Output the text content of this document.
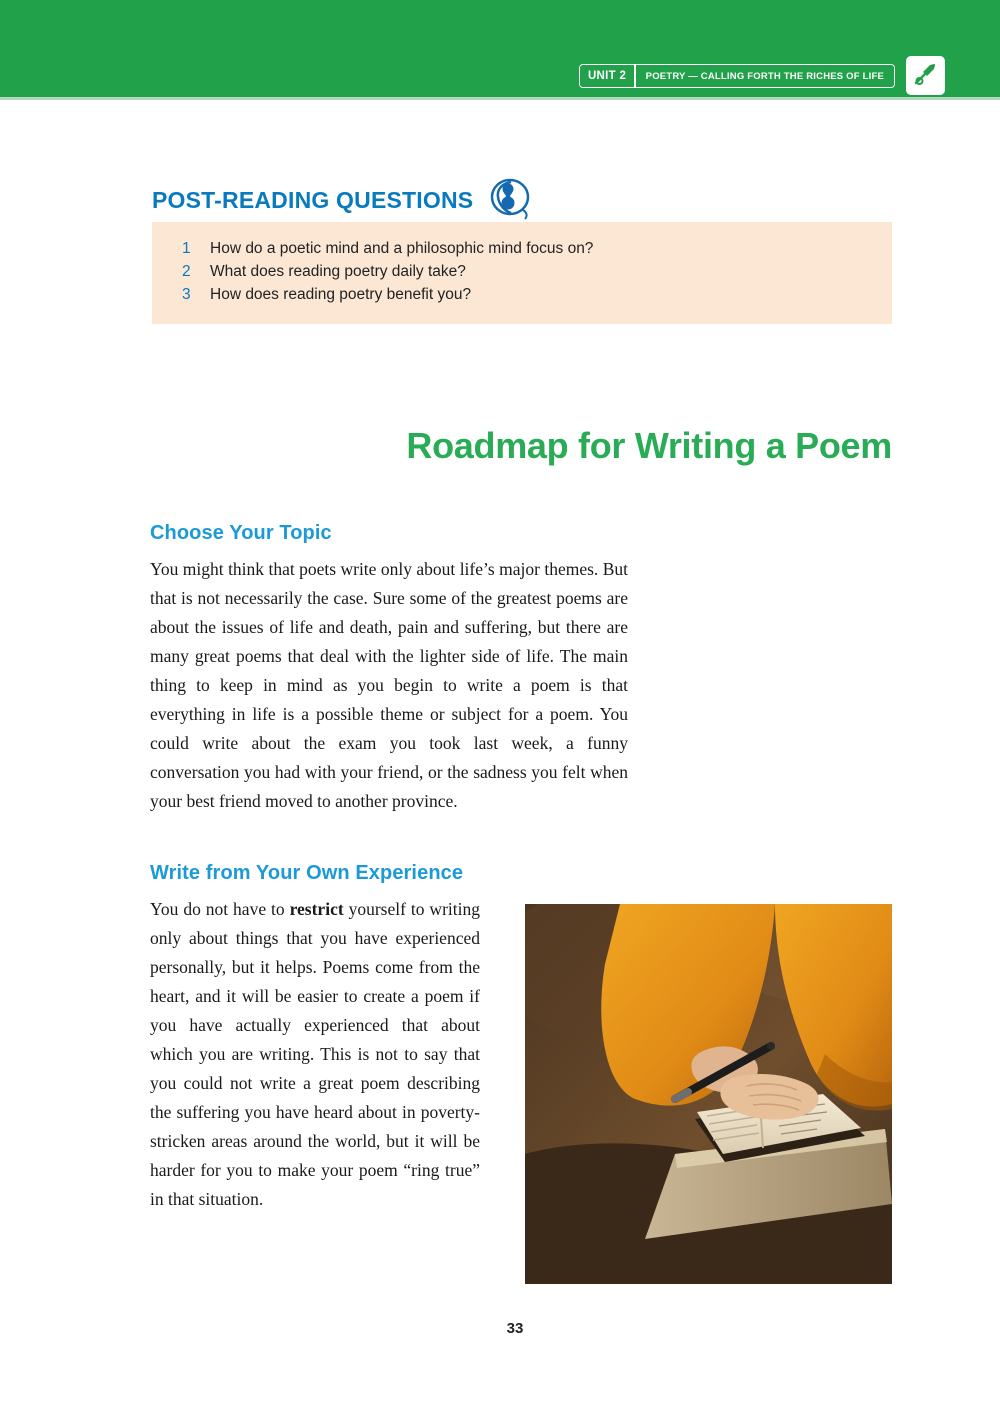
UNIT 2	POETRY — CALLING FORTH THE RICHES OF LIFE
POST-READING QUESTIONS
1	How do a poetic mind and a philosophic mind focus on?
2	What does reading poetry daily take?
3	How does reading poetry benefit you?
Roadmap for Writing a Poem
Choose Your Topic
You might think that poets write only about life’s major themes. But that is not necessarily the case. Sure some of the greatest poems are about the issues of life and death, pain and suffering, but there are many great poems that deal with the lighter side of life. The main thing to keep in mind as you begin to write a poem is that everything in life is a possible theme or subject for a poem. You could write about the exam you took last week, a funny conversation you had with your friend, or the sadness you felt when your best friend moved to another province.
Write from Your Own Experience
You do not have to restrict yourself to writing only about things that you have experienced personally, but it helps. Poems come from the heart, and it will be easier to create a poem if you have actually experienced that about which you are writing. This is not to say that you could not write a great poem describing the suffering you have heard about in poverty-stricken areas around the world, but it will be harder for you to make your poem “ring true” in that situation.
33
